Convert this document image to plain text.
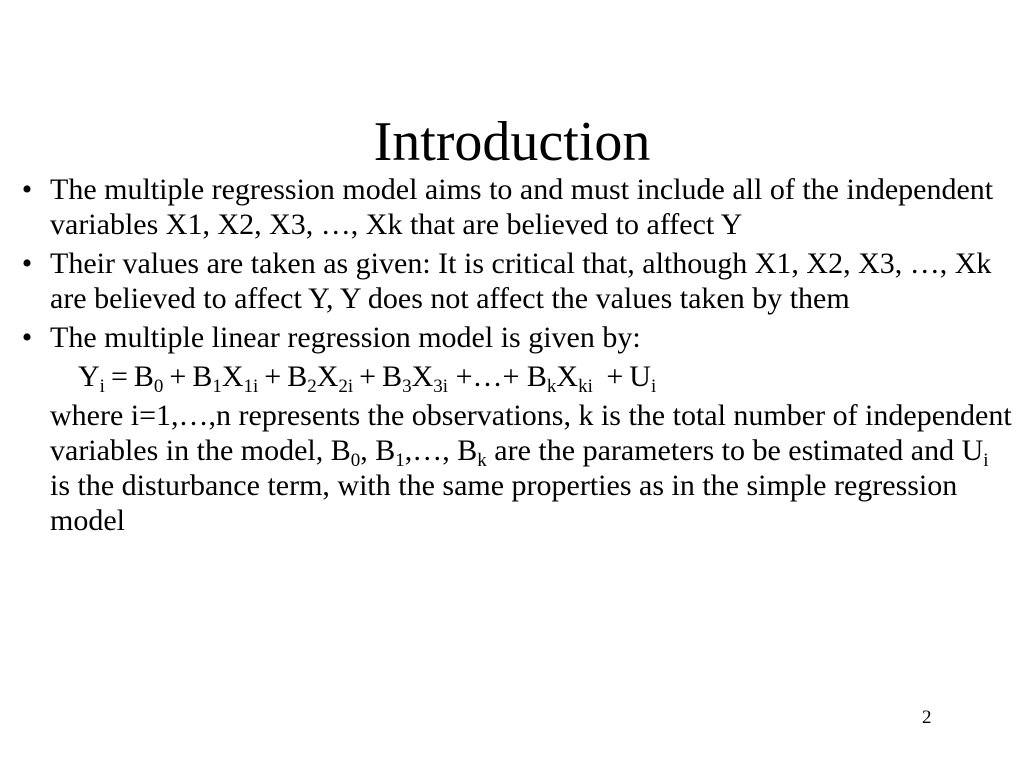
Introduction
• The multiple regression model aims to and must include all of the independent variables X1, X2, X3, …, Xk that are believed to affect Y
• Their values are taken as given: It is critical that, although X1, X2, X3, …, Xk are believed to affect Y, Y does not affect the values taken by them
• The multiple linear regression model is given by:
$Y_i = B_0 + B_1X_{1i} + B_2X_{2i} + B_3X_{3i}$ +…+ $B_kX_{ki} + U_i$
where i=1,…,n represents the observations, k is the total number of independent variables in the model, $B_0$, $B_1,\dots$, $B_k$ are the parameters to be estimated and $U_i$ is the disturbance term, with the same properties as in the simple regression model
2
